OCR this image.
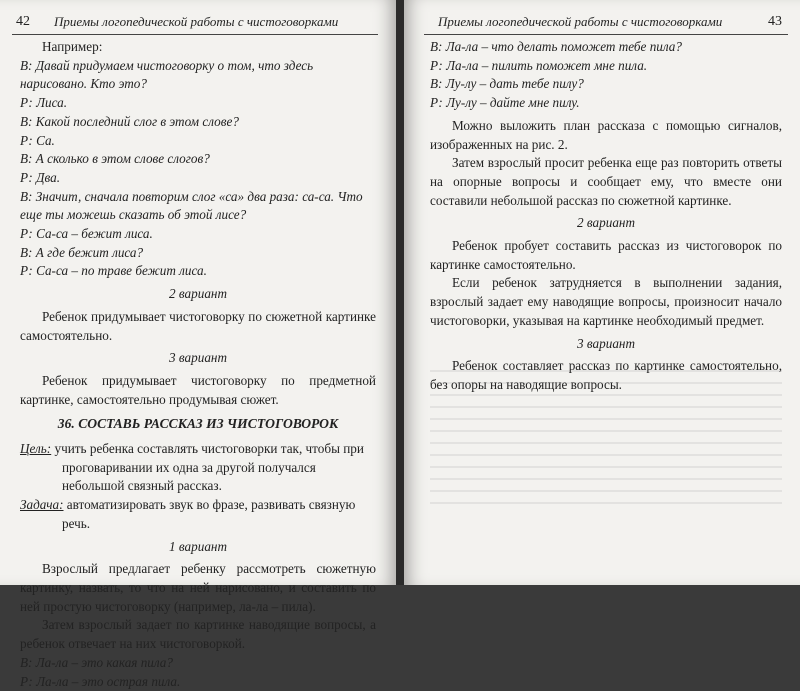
42 Приемы логопедической работы с чистоговорками

Например:

В: Давай придумаем чистоговорку о том, что здесь нарисовано. Кто это?

Р: Лиса.

В: Какой последний слог в этом слове?

Р: Са.

В: А сколько в этом слове слогов?

Р: Два.

В: Значит, сначала повторим слог «са» два раза: са-са. Что еще ты можешь сказать об этой лисе?

Р: Са-са – бежит лиса.

В: А где бежит лиса?

Р: Са-са – по траве бежит лиса.

2 вариант

Ребенок придумывает чистоговорку по сюжетной картинке самостоятельно.

3 вариант

Ребенок придумывает чистоговорку по предметной картинке, самостоятельно продумывая сюжет.

36. СОСТАВЬ РАССКАЗ ИЗ ЧИСТОГОВОРОК

Цель: учить ребенка составлять чистоговорки так, чтобы при проговаривании их одна за другой получался небольшой связный рассказ.

Задача: автоматизировать звук во фразе, развивать связную речь.

1 вариант

Взрослый предлагает ребенку рассмотреть сюжетную картинку, назвать, то что на ней нарисовано, и составить по ней простую чистоговорку (например, ла-ла – пила).

Затем взрослый задает по картинке наводящие вопросы, а ребенок отвечает на них чистоговоркой.

В: Ла-ла – это какая пила?

Р: Ла-ла – это острая пила.

Приемы логопедической работы с чистоговорками	43

В: Ла-ла – что делать поможет тебе пила?

Р: Ла-ла – пилить поможет мне пила.

В: Лу-лу – дать тебе пилу?

Р: Лу-лу – дайте мне пилу.

Можно выложить план рассказа с помощью сигналов, изображенных на рис. 2.

Затем взрослый просит ребенка еще раз повторить ответы на опорные вопросы и сообщает ему, что вместе они составили небольшой рассказ по сюжетной картинке.

2 вариант

Ребенок пробует составить рассказ из чистоговорок по картинке самостоятельно.

Если ребенок затрудняется в выполнении задания, взрослый задает ему наводящие вопросы, произносит начало чистоговорки, указывая на картинке необходимый предмет.

3 вариант

Ребенок составляет рассказ по картинке самостоятельно, без опоры на наводящие вопросы.
